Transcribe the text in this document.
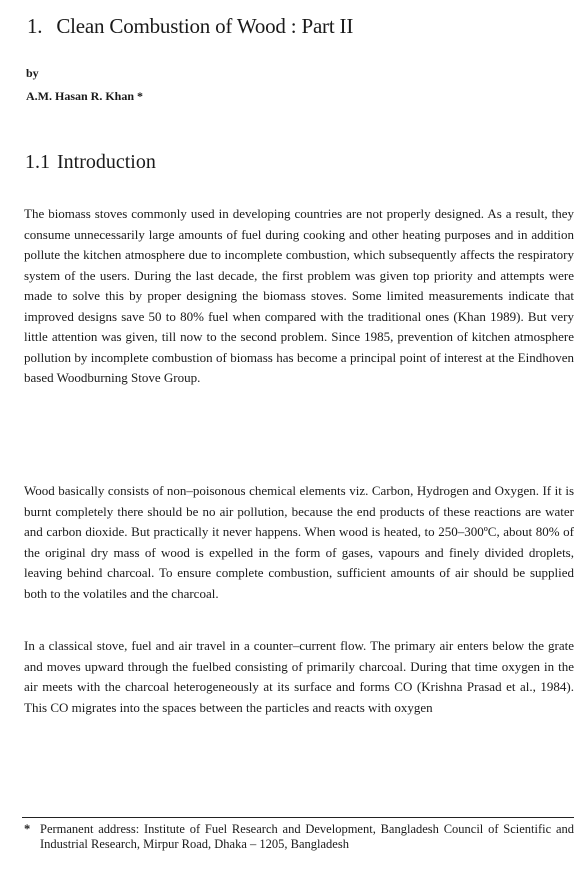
1. Clean Combustion of Wood : Part II
by
A.M. Hasan R. Khan *
1.1 Introduction

The biomass stoves commonly used in developing countries are not properly designed. As a result, they consume unnecessarily large amounts of fuel during cooking and other heating purposes and in addition pollute the kitchen atmosphere due to incomplete combustion, which subsequently affects the respiratory system of the users. During the last decade, the first problem was given top priority and attempts were made to solve this by proper designing the biomass stoves. Some limited measurements indicate that improved designs save 50 to 80% fuel when compared with the traditional ones (Khan 1989). But very little attention was given, till now to the second problem. Since 1985, prevention of kitchen atmosphere pollution by incomplete combustion of biomass has become a principal point of interest at the Eindhoven based Woodburning Stove Group.

Wood basically consists of non–poisonous chemical elements viz. Carbon, Hydrogen and Oxygen. If it is burnt completely there should be no air pollution, because the end products of these reactions are water and carbon dioxide. But practically it never happens. When wood is heated, to 250–300ºC, about 80% of the original dry mass of wood is expelled in the form of gases, vapours and finely divided droplets, leaving behind charcoal. To ensure complete combustion, sufficient amounts of air should be supplied both to the volatiles and the charcoal.

In a classical stove, fuel and air travel in a counter–current flow. The primary air enters below the grate and moves upward through the fuelbed consisting of primarily charcoal. During that time oxygen in the air meets with the charcoal heterogeneously at its surface and forms CO (Krishna Prasad et al., 1984). This CO migrates into the spaces between the particles and reacts with oxygen

* Permanent address: Institute of Fuel Research and Development, Bangladesh Council of Scientific and Industrial Research, Mirpur Road, Dhaka – 1205, Bangladesh
